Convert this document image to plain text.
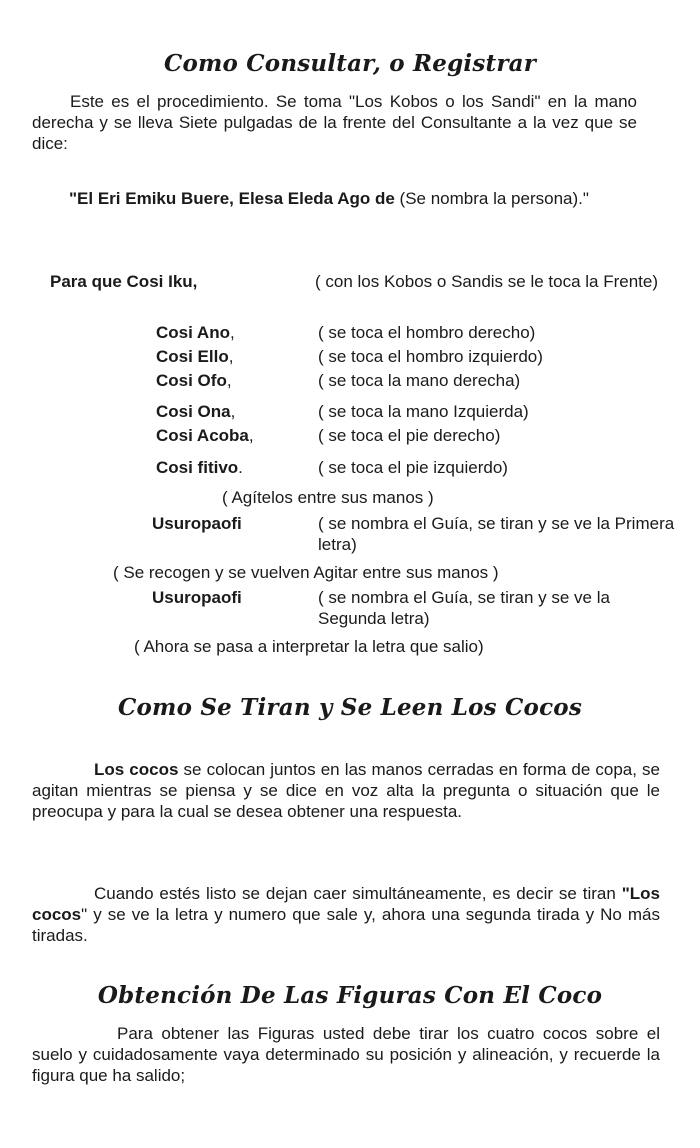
Como Consultar, o Registrar
Este es el procedimiento. Se toma "Los Kobos o los Sandi" en la mano derecha y se lleva Siete pulgadas de la frente del Consultante a la vez que se dice:
"El Eri Emiku Buere, Elesa Eleda Ago de (Se nombra la persona)."
Para que Cosi Iku,	( con los Kobos o Sandis se le toca la Frente)
Cosi Ano,	( se toca el hombro derecho)
Cosi Ello,	( se toca el hombro izquierdo)
Cosi Ofo,	( se toca la mano derecha)
Cosi Ona,	( se toca la mano Izquierda)
Cosi Acoba,	( se toca el pie derecho)
Cosi fitivo.	( se toca el pie izquierdo)
( Agítelos entre sus manos )
Usuropaofi	( se nombra el Guía, se tiran y se ve la Primera letra)
( Se recogen y se vuelven Agitar entre sus manos )
Usuropaofi	( se nombra el Guía, se tiran y se ve la Segunda letra)
( Ahora se pasa a interpretar la letra que salio)
Como Se Tiran y Se Leen Los Cocos
Los cocos se colocan juntos en las manos cerradas en forma de copa, se agitan mientras se piensa y se dice en voz alta la pregunta o situación que le preocupa y para la cual se desea obtener una respuesta.
Cuando estés listo se dejan caer simultáneamente, es decir se tiran "Los cocos" y se ve la letra y numero que sale y, ahora una segunda tirada y No más tiradas.
Obtención De Las Figuras Con El Coco
Para obtener las Figuras usted debe tirar los cuatro cocos sobre el suelo y cuidadosamente vaya determinado su posición y alineación, y recuerde la figura que ha salido;
